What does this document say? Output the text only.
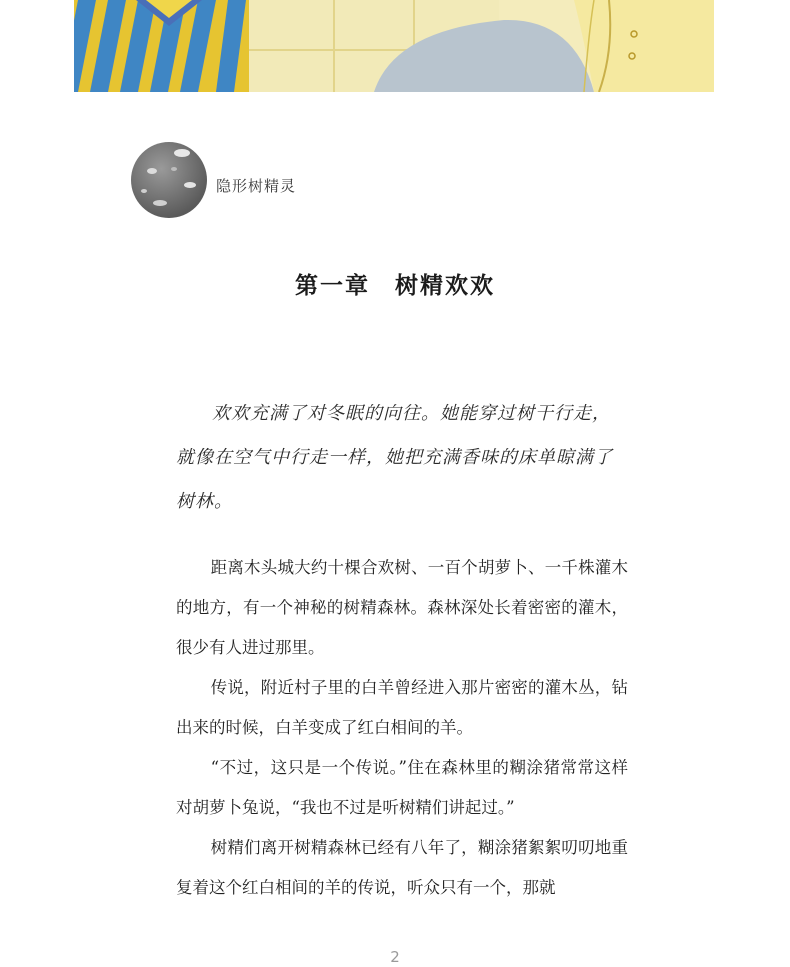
隐形树精灵
第一章　树精欢欢
欢欢充满了对冬眠的向往。她能穿过树干行走，就像在空气中行走一样，她把充满香味的床单晾满了树林。

距离木头城大约十棵合欢树、一百个胡萝卜、一千株灌木的地方，有一个神秘的树精森林。森林深处长着密密的灌木，很少有人进过那里。

传说，附近村子里的白羊曾经进入那片密密的灌木丛，钻出来的时候，白羊变成了红白相间的羊。

“不过，这只是一个传说。”住在森林里的糊涂猪常常这样对胡萝卜兔说，“我也不过是听树精们讲起过。”

树精们离开树精森林已经有八年了，糊涂猪絮絮叨叨地重复着这个红白相间的羊的传说，听众只有一个，那就

2
